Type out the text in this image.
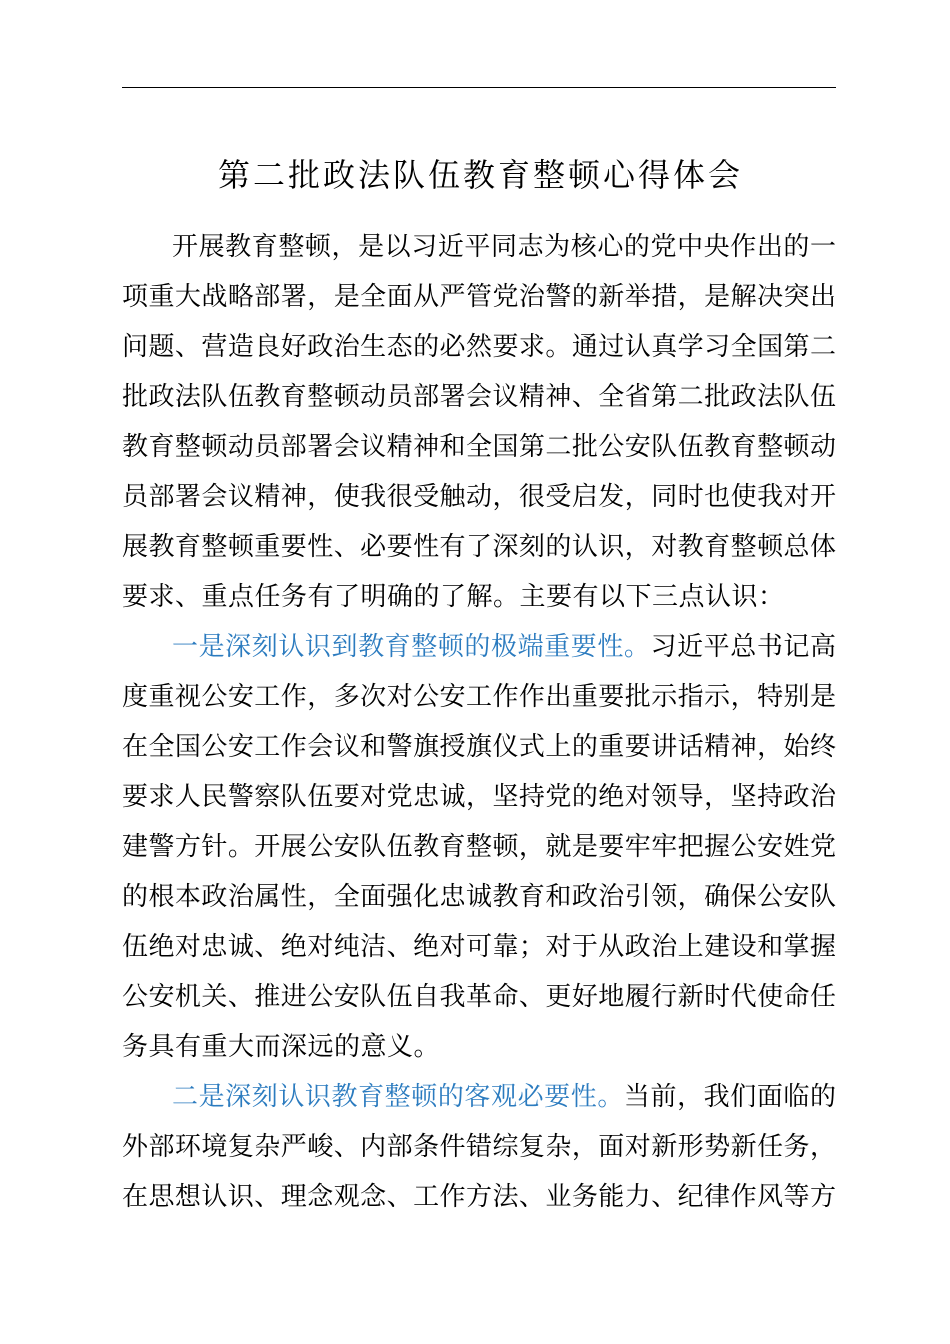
第二批政法队伍教育整顿心得体会
开展教育整顿，是以习近平同志为核心的党中央作出的一
项重大战略部署，是全面从严管党治警的新举措，是解决突出
问题、营造良好政治生态的必然要求。通过认真学习全国第二
批政法队伍教育整顿动员部署会议精神、全省第二批政法队伍
教育整顿动员部署会议精神和全国第二批公安队伍教育整顿动
员部署会议精神，使我很受触动，很受启发，同时也使我对开
展教育整顿重要性、必要性有了深刻的认识，对教育整顿总体
要求、重点任务有了明确的了解。主要有以下三点认识：
一是深刻认识到教育整顿的极端重要性。习近平总书记高
度重视公安工作，多次对公安工作作出重要批示指示，特别是
在全国公安工作会议和警旗授旗仪式上的重要讲话精神，始终
要求人民警察队伍要对党忠诚，坚持党的绝对领导，坚持政治
建警方针。开展公安队伍教育整顿，就是要牢牢把握公安姓党
的根本政治属性，全面强化忠诚教育和政治引领，确保公安队
伍绝对忠诚、绝对纯洁、绝对可靠；对于从政治上建设和掌握
公安机关、推进公安队伍自我革命、更好地履行新时代使命任
务具有重大而深远的意义。
二是深刻认识教育整顿的客观必要性。当前，我们面临的
外部环境复杂严峻、内部条件错综复杂，面对新形势新任务，
在思想认识、理念观念、工作方法、业务能力、纪律作风等方
